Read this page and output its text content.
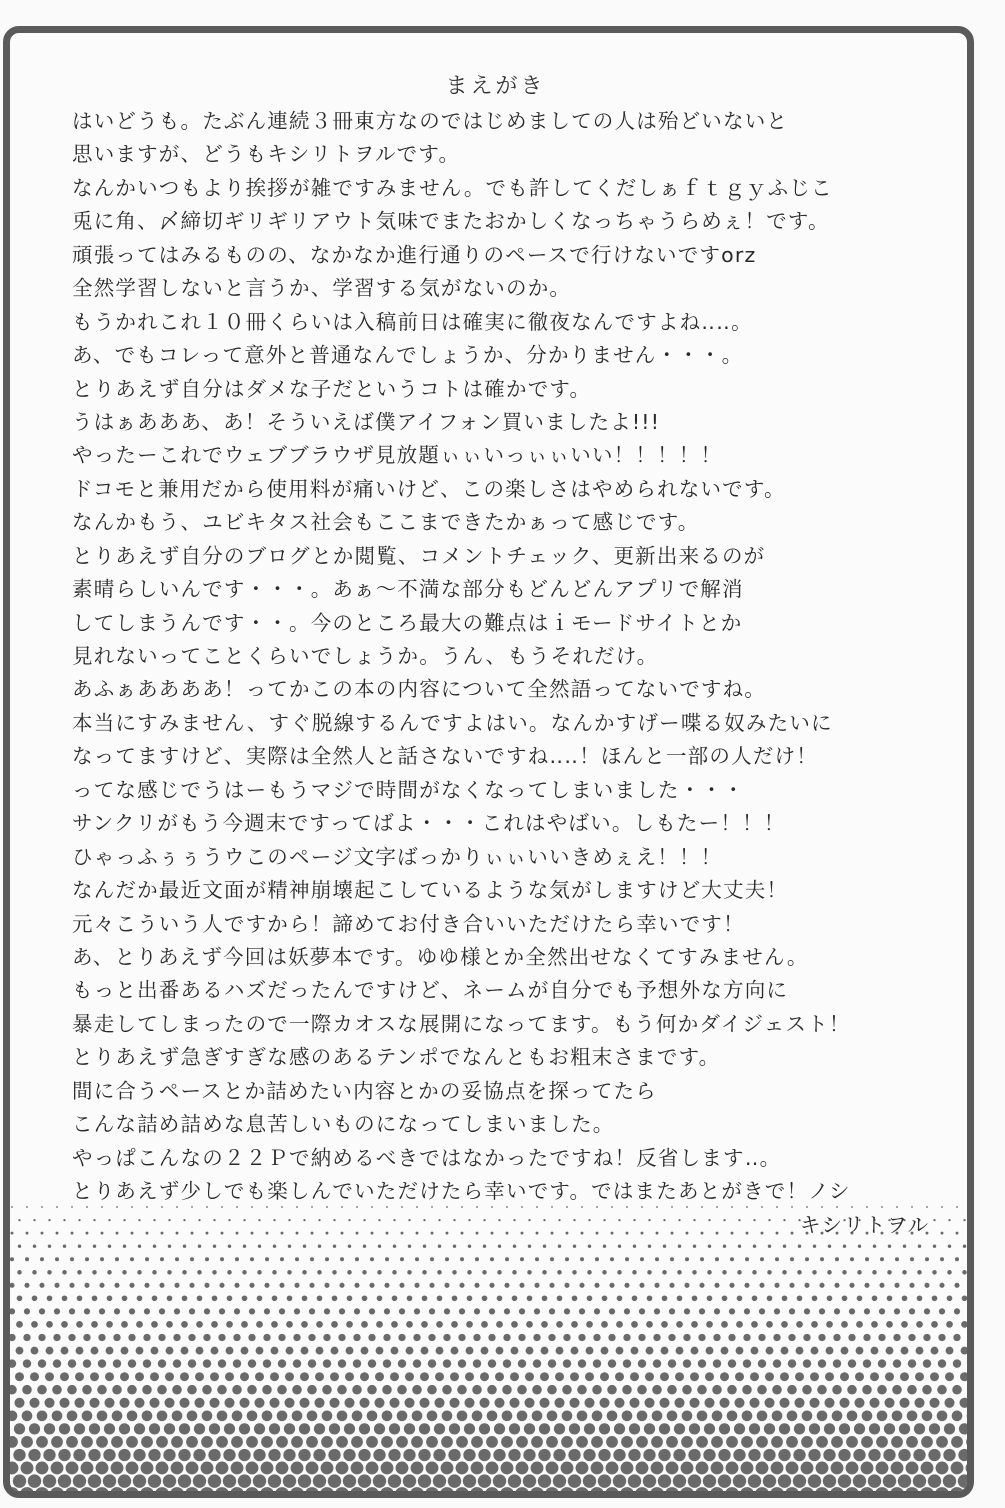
まえがき
はいどうも。たぶん連続３冊東方なのではじめましての人は殆どいないと
思いますが、どうもキシリトヲルです。
なんかいつもより挨拶が雑ですみません。でも許してくだしぁｆｔｇｙふじこ
兎に角、〆締切ギリギリアウト気味でまたおかしくなっちゃうらめぇ！です。
頑張ってはみるものの、なかなか進行通りのペースで行けないですorz
全然学習しないと言うか、学習する気がないのか。
もうかれこれ１０冊くらいは入稿前日は確実に徹夜なんですよね‥‥。
あ、でもコレって意外と普通なんでしょうか、分かりません・・・。
とりあえず自分はダメな子だというコトは確かです。
うはぁあああ、あ！そういえば僕アイフォン買いましたよ!!!
やったーこれでウェブブラウザ見放題ぃぃいっぃぃいい！！！！！
ドコモと兼用だから使用料が痛いけど、この楽しさはやめられないです。
なんかもう、ユビキタス社会もここまできたかぁって感じです。
とりあえず自分のブログとか閲覧、コメントチェック、更新出来るのが
素晴らしいんです・・・。あぁ～不満な部分もどんどんアプリで解消
してしまうんです・・。今のところ最大の難点はｉモードサイトとか
見れないってことくらいでしょうか。うん、もうそれだけ。
あふぁああああ！ってかこの本の内容について全然語ってないですね。
本当にすみません、すぐ脱線するんですよはい。なんかすげー喋る奴みたいに
なってますけど、実際は全然人と話さないですね‥‥！ほんと一部の人だけ！
ってな感じでうはーもうマジで時間がなくなってしまいました・・・
サンクリがもう今週末ですってばよ・・・これはやばい。しもたー！！！
ひゃっふぅぅうウこのページ文字ばっかりぃぃいいきめぇえ！！！
なんだか最近文面が精神崩壊起こしているような気がしますけど大丈夫！
元々こういう人ですから！諦めてお付き合いいただけたら幸いです！
あ、とりあえず今回は妖夢本です。ゆゆ様とか全然出せなくてすみません。
もっと出番あるハズだったんですけど、ネームが自分でも予想外な方向に
暴走してしまったので一際カオスな展開になってます。もう何かダイジェスト！
とりあえず急ぎすぎな感のあるテンポでなんともお粗末さまです。
間に合うペースとか詰めたい内容とかの妥協点を探ってたら
こんな詰め詰めな息苦しいものになってしまいました。
やっぱこんなの２２Ｐで納めるべきではなかったですね！反省します‥。
とりあえず少しでも楽しんでいただけたら幸いです。ではまたあとがきで！ノシ
キシリトヲル
